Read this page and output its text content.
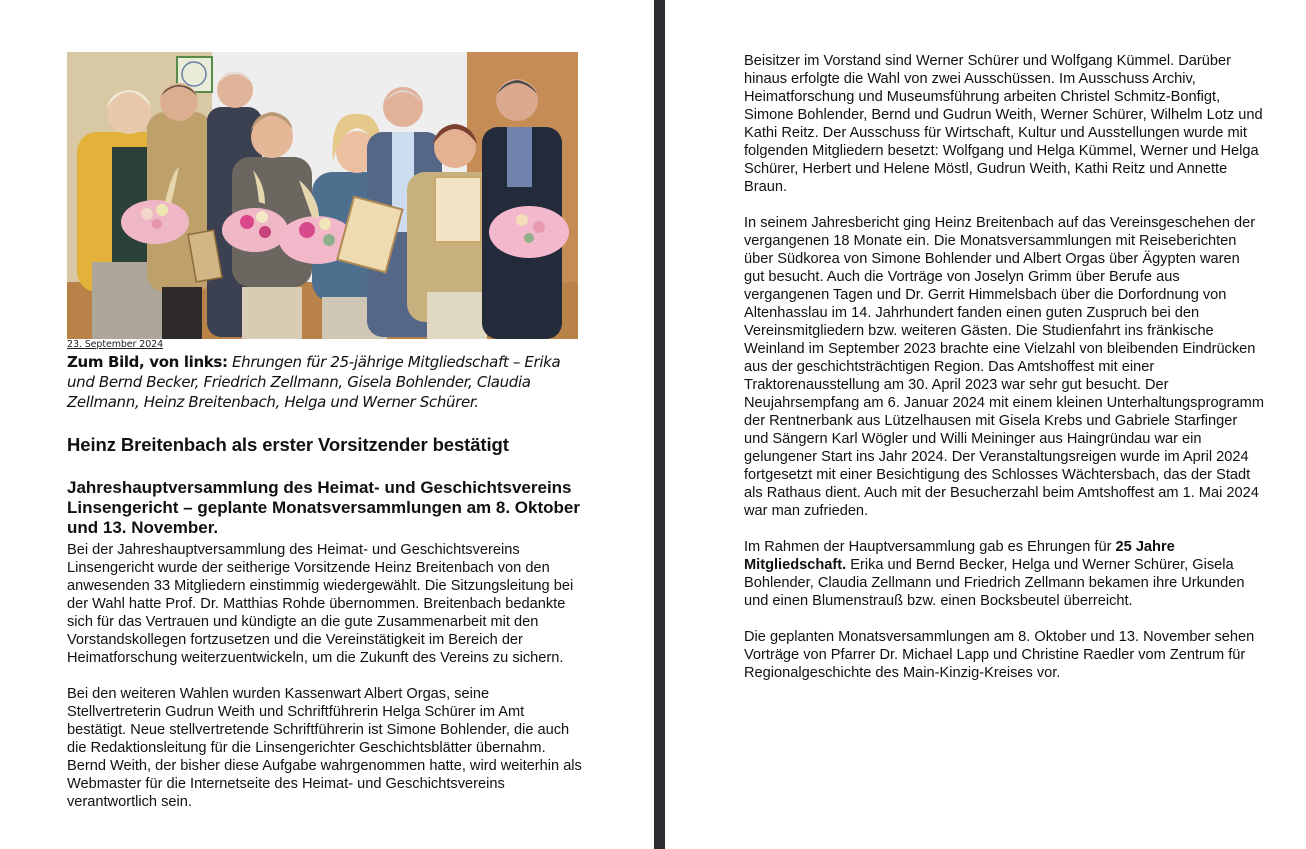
23. September 2024
Zum Bild, von links: Ehrungen für 25-jährige Mitgliedschaft – Erika und Bernd Becker, Friedrich Zellmann, Gisela Bohlender, Claudia Zellmann, Heinz Breitenbach, Helga und Werner Schürer.
Heinz Breitenbach als erster Vorsitzender bestätigt
Jahreshauptversammlung des Heimat- und Geschichtsvereins Linsengericht – geplante Monatsversammlungen am 8. Oktober und 13. November.

Bei der Jahreshauptversammlung des Heimat- und Geschichtsvereins Linsengericht wurde der seitherige Vorsitzende Heinz Breitenbach von den anwesenden 33 Mitgliedern einstimmig wiedergewählt. Die Sitzungsleitung bei der Wahl hatte Prof. Dr. Matthias Rohde übernommen. Breitenbach bedankte sich für das Vertrauen und kündigte an die gute Zusammenarbeit mit den Vorstandskollegen fortzusetzen und die Vereinstätigkeit im Bereich der Heimatforschung weiterzuentwickeln, um die Zukunft des Vereins zu sichern.

Bei den weiteren Wahlen wurden Kassenwart Albert Orgas, seine Stellvertreterin Gudrun Weith und Schriftführerin Helga Schürer im Amt bestätigt. Neue stellvertretende Schriftführerin ist Simone Bohlender, die auch die Redaktionsleitung für die Linsengerichter Geschichtsblätter übernahm. Bernd Weith, der bisher diese Aufgabe wahrgenommen hatte, wird weiterhin als Webmaster für die Internetseite des Heimat- und Geschichtsvereins verantwortlich sein.

Beisitzer im Vorstand sind Werner Schürer und Wolfgang Kümmel. Darüber hinaus erfolgte die Wahl von zwei Ausschüssen. Im Ausschuss Archiv, Heimatforschung und Museumsführung arbeiten Christel Schmitz-Bonfigt, Simone Bohlender, Bernd und Gudrun Weith, Werner Schürer, Wilhelm Lotz und Kathi Reitz. Der Ausschuss für Wirtschaft, Kultur und Ausstellungen wurde mit folgenden Mitgliedern besetzt: Wolfgang und Helga Kümmel, Werner und Helga Schürer, Herbert und Helene Möstl, Gudrun Weith, Kathi Reitz und Annette Braun.

In seinem Jahresbericht ging Heinz Breitenbach auf das Vereinsgeschehen der vergangenen 18 Monate ein. Die Monatsversammlungen mit Reiseberichten über Südkorea von Simone Bohlender und Albert Orgas über Ägypten waren gut besucht. Auch die Vorträge von Joselyn Grimm über Berufe aus vergangenen Tagen und Dr. Gerrit Himmelsbach über die Dorfordnung von Altenhasslau im 14. Jahrhundert fanden einen guten Zuspruch bei den Vereinsmitgliedern bzw. weiteren Gästen. Die Studienfahrt ins fränkische Weinland im September 2023 brachte eine Vielzahl von bleibenden Eindrücken aus der geschichtsträchtigen Region. Das Amtshoffest mit einer Traktorenausstellung am 30. April 2023 war sehr gut besucht. Der Neujahrsempfang am 6. Januar 2024 mit einem kleinen Unterhaltungsprogramm der Rentnerbank aus Lützelhausen mit Gisela Krebs und Gabriele Starfinger und Sängern Karl Wögler und Willi Meininger aus Haingründau war ein gelungener Start ins Jahr 2024. Der Veranstaltungsreigen wurde im April 2024 fortgesetzt mit einer Besichtigung des Schlosses Wächtersbach, das der Stadt als Rathaus dient. Auch mit der Besucherzahl beim Amtshoffest am 1. Mai 2024 war man zufrieden.

Im Rahmen der Hauptversammlung gab es Ehrungen für 25 Jahre Mitgliedschaft. Erika und Bernd Becker, Helga und Werner Schürer, Gisela Bohlender, Claudia Zellmann und Friedrich Zellmann bekamen ihre Urkunden und einen Blumenstrauß bzw. einen Bocksbeutel überreicht.

Die geplanten Monatsversammlungen am 8. Oktober und 13. November sehen Vorträge von Pfarrer Dr. Michael Lapp und Christine Raedler vom Zentrum für Regionalgeschichte des Main-Kinzig-Kreises vor.
